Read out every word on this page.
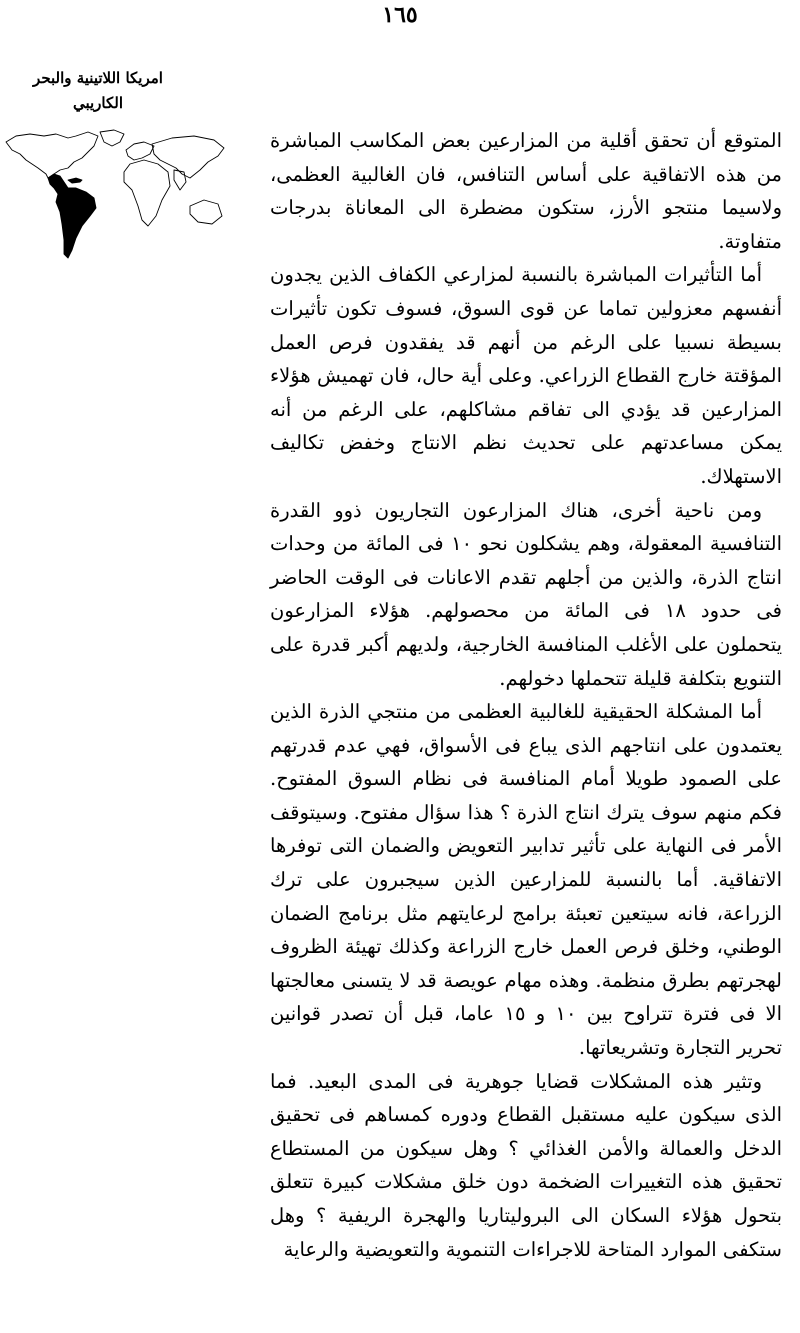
١٦٥
امريكا اللاتينية والبحر
الكاريبي

المتوقع أن تحقق أقلية من المزارعين بعض المكاسب المباشرة من هذه الاتفاقية على أساس التنافس، فان الغالبية العظمى، ولاسيما منتجو الأرز، ستكون مضطرة الى المعاناة بدرجات متفاوتة.

أما التأثيرات المباشرة بالنسبة لمزارعي الكفاف الذين يجدون أنفسهم معزولين تماما عن قوى السوق، فسوف تكون تأثيرات بسيطة نسبيا على الرغم من أنهم قد يفقدون فرص العمل المؤقتة خارج القطاع الزراعي. وعلى أية حال، فان تهميش هؤلاء المزارعين قد يؤدي الى تفاقم مشاكلهم، على الرغم من أنه يمكن مساعدتهم على تحديث نظم الانتاج وخفض تكاليف الاستهلاك.

ومن ناحية أخرى، هناك المزارعون التجاريون ذوو القدرة التنافسية المعقولة، وهم يشكلون نحو ١٠ فى المائة من وحدات انتاج الذرة، والذين من أجلهم تقدم الاعانات فى الوقت الحاضر فى حدود ١٨ فى المائة من محصولهم. هؤلاء المزارعون يتحملون على الأغلب المنافسة الخارجية، ولديهم أكبر قدرة على التنويع بتكلفة قليلة تتحملها دخولهم.

أما المشكلة الحقيقية للغالبية العظمى من منتجي الذرة الذين يعتمدون على انتاجهم الذى يباع فى الأسواق، فهي عدم قدرتهم على الصمود طويلا أمام المنافسة فى نظام السوق المفتوح. فكم منهم سوف يترك انتاج الذرة ؟ هذا سؤال مفتوح. وسيتوقف الأمر فى النهاية على تأثير تدابير التعويض والضمان التى توفرها الاتفاقية. أما بالنسبة للمزارعين الذين سيجبرون على ترك الزراعة، فانه سيتعين تعبئة برامج لرعايتهم مثل برنامج الضمان الوطني، وخلق فرص العمل خارج الزراعة وكذلك تهيئة الظروف لهجرتهم بطرق منظمة. وهذه مهام عويصة قد لا يتسنى معالجتها الا فى فترة تتراوح بين ١٠ و ١٥ عاما، قبل أن تصدر قوانين تحرير التجارة وتشريعاتها.

وتثير هذه المشكلات قضايا جوهرية فى المدى البعيد. فما الذى سيكون عليه مستقبل القطاع ودوره كمساهم فى تحقيق الدخل والعمالة والأمن الغذائي ؟ وهل سيكون من المستطاع تحقيق هذه التغييرات الضخمة دون خلق مشكلات كبيرة تتعلق بتحول هؤلاء السكان الى البروليتاريا والهجرة الريفية ؟ وهل ستكفى الموارد المتاحة للاجراءات التنموية والتعويضية والرعاية
